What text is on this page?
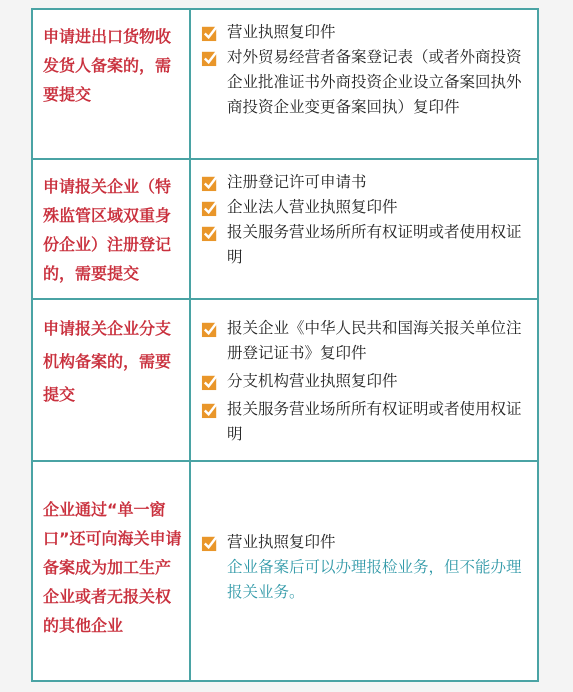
申请进出口货物收发货人备案的，需要提交	营业执照复印件
对外贸易经营者备案登记表（或者外商投资企业批准证书外商投资企业设立备案回执外商投资企业变更备案回执）复印件

申请报关企业（特殊监管区域双重身份企业）注册登记的，需要提交	注册登记许可申请书
企业法人营业执照复印件
报关服务营业场所所有权证明或者使用权证明

申请报关企业分支机构备案的，需要提交	报关企业《中华人民共和国海关报关单位注册登记证书》复印件
分支机构营业执照复印件
报关服务营业场所所有权证明或者使用权证明

企业通过“单一窗口”还可向海关申请备案成为加工生产企业或者无报关权的其他企业	营业执照复印件
企业备案后可以办理报检业务，但不能办理报关业务。
